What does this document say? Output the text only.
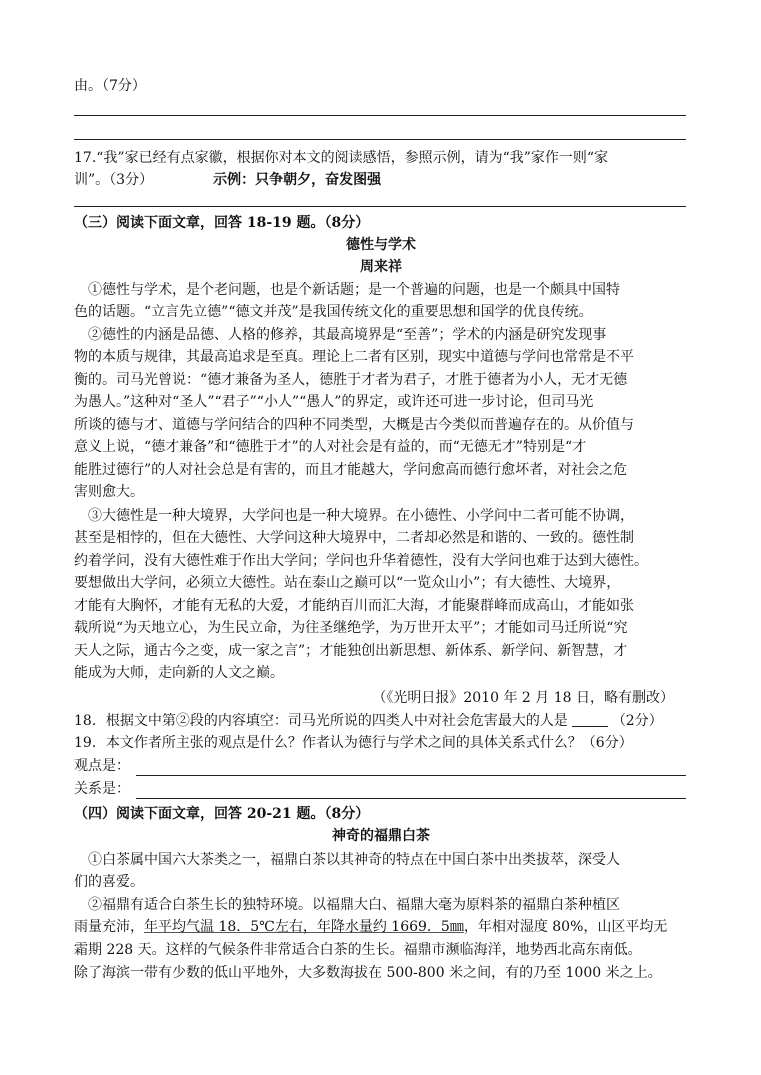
由。（7分）
17.“我”家已经有点家徽，根据你对本文的阅读感悟，参照示例，请为“我”家作一则“家
训”。（3分）	示例：只争朝夕，奋发图强
（三）阅读下面文章，回答 18-19 题。（8分）
德性与学术
周来祥
①德性与学术，是个老问题，也是个新话题；是一个普遍的问题，也是一个颇具中国特
色的话题。“立言先立德”“德文并茂”是我国传统文化的重要思想和国学的优良传统。
②德性的内涵是品德、人格的修养，其最高境界是“至善”；学术的内涵是研究发现事
物的本质与规律，其最高追求是至真。理论上二者有区别，现实中道德与学问也常常是不平
衡的。司马光曾说：“德才兼备为圣人，德胜于才者为君子，才胜于德者为小人，无才无德
为愚人。”这种对“圣人”“君子”“小人”“愚人”的界定，或许还可进一步讨论，但司马光
所谈的德与才、道德与学问结合的四种不同类型，大概是古今类似而普遍存在的。从价值与
意义上说，“德才兼备”和“德胜于才”的人对社会是有益的，而“无德无才”特别是“才
能胜过德行”的人对社会总是有害的，而且才能越大，学问愈高而德行愈坏者，对社会之危
害则愈大。
③大德性是一种大境界，大学问也是一种大境界。在小德性、小学问中二者可能不协调，
甚至是相悖的，但在大德性、大学问这种大境界中，二者却必然是和谐的、一致的。德性制
约着学问，没有大德性难于作出大学问；学问也升华着德性，没有大学问也难于达到大德性。
要想做出大学问，必须立大德性。站在泰山之巅可以“一览众山小”；有大德性、大境界，
才能有大胸怀，才能有无私的大爱，才能纳百川而汇大海，才能聚群峰而成高山，才能如张
载所说“为天地立心，为生民立命，为往圣继绝学，为万世开太平”；才能如司马迁所说“究
天人之际，通古今之变，成一家之言”；才能独创出新思想、新体系、新学问、新智慧，才
能成为大师，走向新的人文之巅。
（《光明日报》2010 年 2 月 18 日，略有删改）
18．根据文中第②段的内容填空：司马光所说的四类人中对社会危害最大的人是	（2分）
19．本文作者所主张的观点是什么？作者认为德行与学术之间的具体关系式什么？（6分）
观点是：
关系是：
（四）阅读下面文章，回答 20-21 题。（8分）
神奇的福鼎白茶
①白茶属中国六大茶类之一，福鼎白茶以其神奇的特点在中国白茶中出类拔萃，深受人
们的喜爱。
②福鼎有适合白茶生长的独特环境。以福鼎大白、福鼎大毫为原料茶的福鼎白茶种植区
雨量充沛，年平均气温 18．5℃左右，年降水量约 1669．5㎜，年相对湿度 80%，山区平均无
霜期 228 天。这样的气候条件非常适合白茶的生长。福鼎市濒临海洋，地势西北高东南低。
除了海滨一带有少数的低山平地外，大多数海拔在 500-800 米之间，有的乃至 1000 米之上。
